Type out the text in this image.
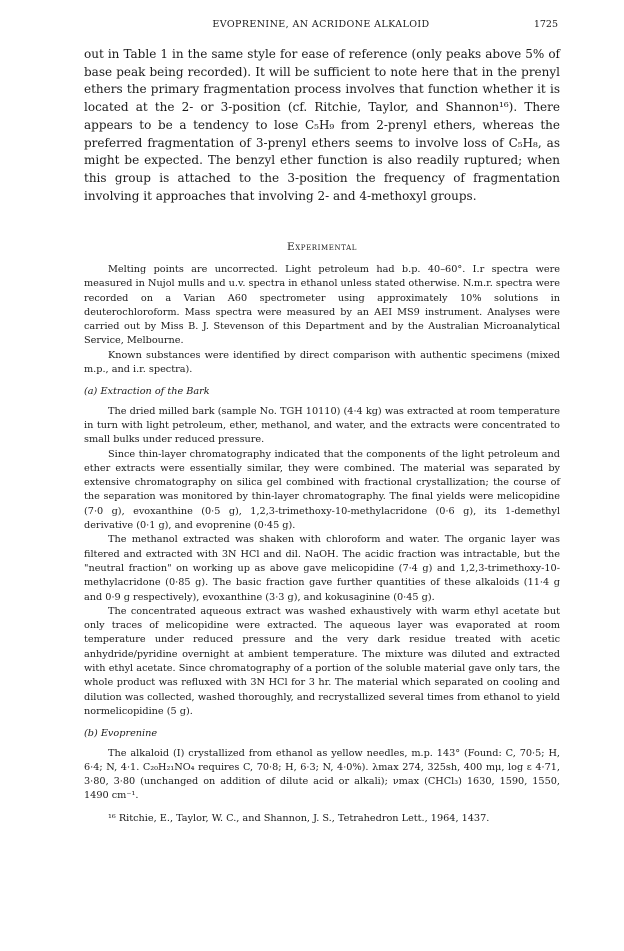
EVOPRENINE, AN ACRIDONE ALKALOID	1725

out in Table 1 in the same style for ease of reference (only peaks above 5% of base peak being recorded). It will be sufficient to note here that in the prenyl ethers the primary fragmentation process involves that function whether it is located at the 2- or 3-position (cf. Ritchie, Taylor, and Shannon¹⁶). There appears to be a tendency to lose C₅H₉ from 2-prenyl ethers, whereas the preferred fragmentation of 3-prenyl ethers seems to involve loss of C₅H₈, as might be expected. The benzyl ether function is also readily ruptured; when this group is attached to the 3-position the frequency of fragmentation involving it approaches that involving 2- and 4-methoxyl groups.

Experimental

Melting points are uncorrected. Light petroleum had b.p. 40–60°. I.r spectra were measured in Nujol mulls and u.v. spectra in ethanol unless stated otherwise. N.m.r. spectra were recorded on a Varian A60 spectrometer using approximately 10% solutions in deuterochloroform. Mass spectra were measured by an AEI MS9 instrument. Analyses were carried out by Miss B. J. Stevenson of this Department and by the Australian Microanalytical Service, Melbourne.

Known substances were identified by direct comparison with authentic specimens (mixed m.p., and i.r. spectra).

(a) Extraction of the Bark

The dried milled bark (sample No. TGH 10110) (4·4 kg) was extracted at room temperature in turn with light petroleum, ether, methanol, and water, and the extracts were concentrated to small bulks under reduced pressure.

Since thin-layer chromatography indicated that the components of the light petroleum and ether extracts were essentially similar, they were combined. The material was separated by extensive chromatography on silica gel combined with fractional crystallization; the course of the separation was monitored by thin-layer chromatography. The final yields were melicopidine (7·0 g), evoxanthine (0·5 g), 1,2,3-trimethoxy-10-methylacridone (0·6 g), its 1-demethyl derivative (0·1 g), and evoprenine (0·45 g).

The methanol extracted was shaken with chloroform and water. The organic layer was filtered and extracted with 3N HCl and dil. NaOH. The acidic fraction was intractable, but the "neutral fraction" on working up as above gave melicopidine (7·4 g) and 1,2,3-trimethoxy-10-methylacridone (0·85 g). The basic fraction gave further quantities of these alkaloids (11·4 g and 0·9 g respectively), evoxanthine (3·3 g), and kokusaginine (0·45 g).

The concentrated aqueous extract was washed exhaustively with warm ethyl acetate but only traces of melicopidine were extracted. The aqueous layer was evaporated at room temperature under reduced pressure and the very dark residue treated with acetic anhydride/pyridine overnight at ambient temperature. The mixture was diluted and extracted with ethyl acetate. Since chromatography of a portion of the soluble material gave only tars, the whole product was refluxed with 3N HCl for 3 hr. The material which separated on cooling and dilution was collected, washed thoroughly, and recrystallized several times from ethanol to yield normelicopidine (5 g).

(b) Evoprenine

The alkaloid (I) crystallized from ethanol as yellow needles, m.p. 143° (Found: C, 70·5; H, 6·4; N, 4·1. C₂₀H₂₁NO₄ requires C, 70·8; H, 6·3; N, 4·0%). λmax 274, 325sh, 400 mμ, log ε 4·71, 3·80, 3·80 (unchanged on addition of dilute acid or alkali); νmax (CHCl₃) 1630, 1590, 1550, 1490 cm⁻¹.

¹⁶ Ritchie, E., Taylor, W. C., and Shannon, J. S., Tetrahedron Lett., 1964, 1437.
